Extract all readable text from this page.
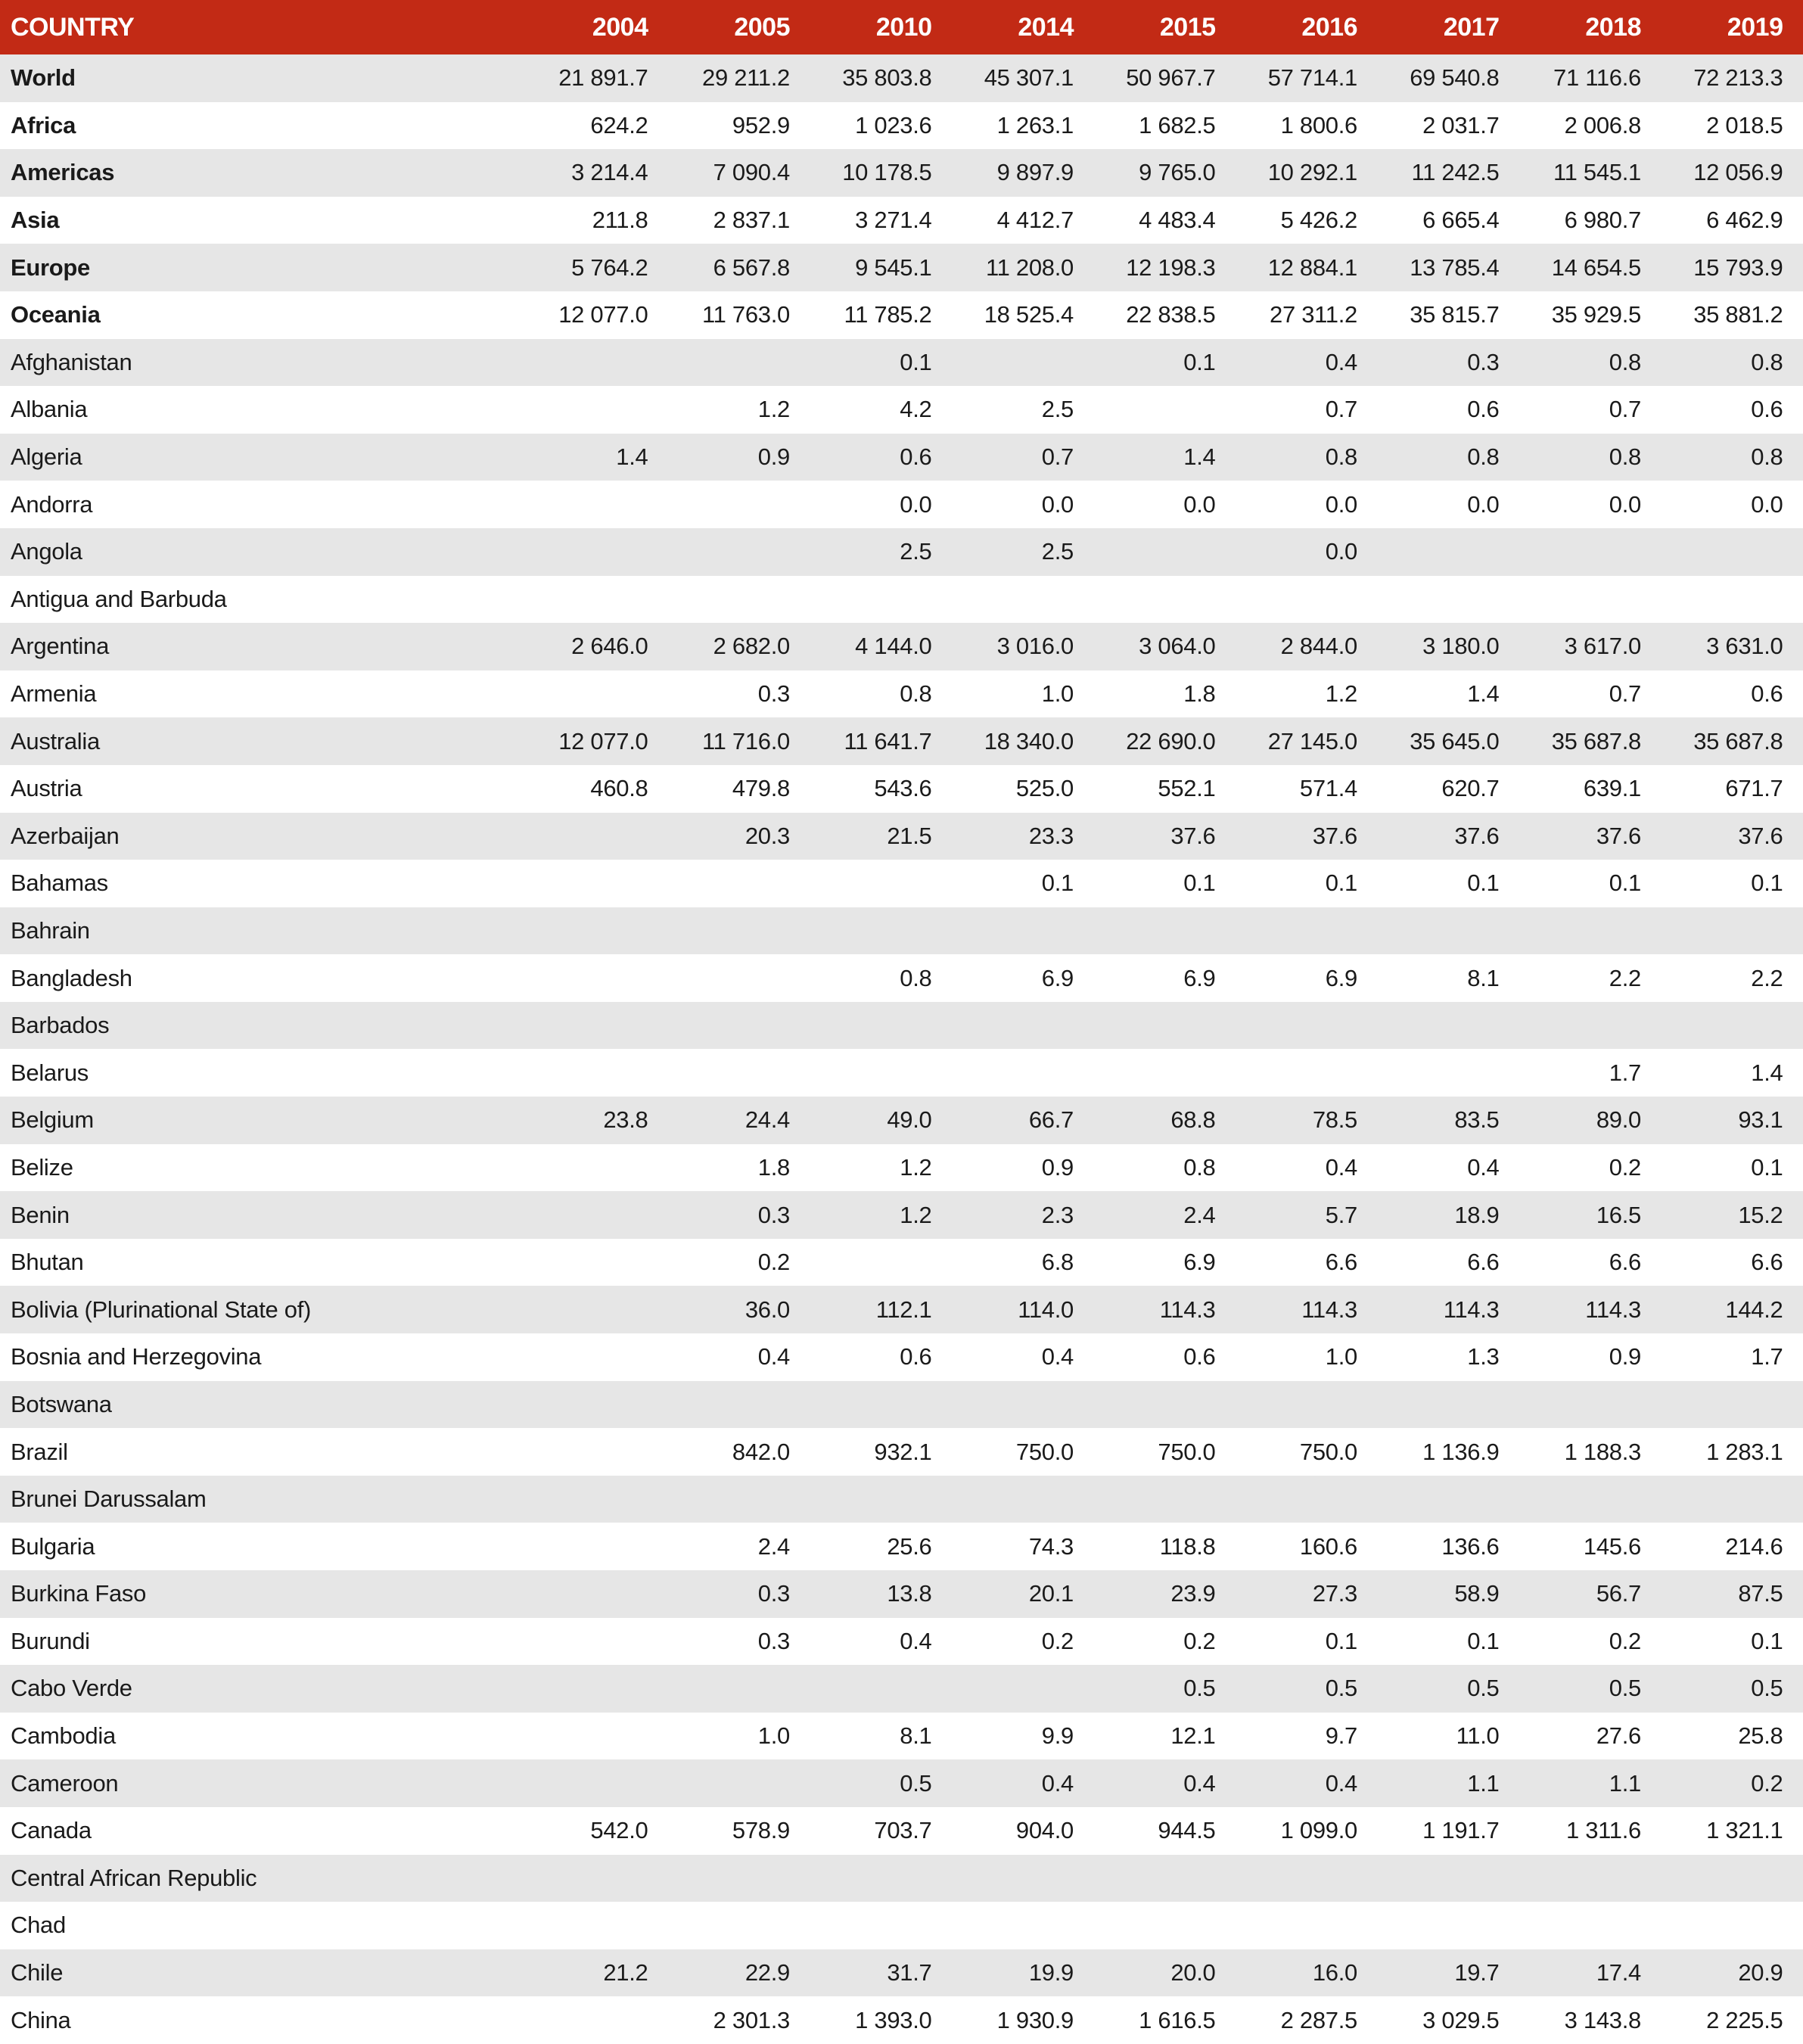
COUNTRY	2004	2005	2010	2014	2015	2016	2017	2018	2019
World	21 891.7	29 211.2	35 803.8	45 307.1	50 967.7	57 714.1	69 540.8	71 116.6	72 213.3
Africa	624.2	952.9	1 023.6	1 263.1	1 682.5	1 800.6	2 031.7	2 006.8	2 018.5
Americas	3 214.4	7 090.4	10 178.5	9 897.9	9 765.0	10 292.1	11 242.5	11 545.1	12 056.9
Asia	211.8	2 837.1	3 271.4	4 412.7	4 483.4	5 426.2	6 665.4	6 980.7	6 462.9
Europe	5 764.2	6 567.8	9 545.1	11 208.0	12 198.3	12 884.1	13 785.4	14 654.5	15 793.9
Oceania	12 077.0	11 763.0	11 785.2	18 525.4	22 838.5	27 311.2	35 815.7	35 929.5	35 881.2
Afghanistan			0.1		0.1	0.4	0.3	0.8	0.8
Albania		1.2	4.2	2.5		0.7	0.6	0.7	0.6
Algeria	1.4	0.9	0.6	0.7	1.4	0.8	0.8	0.8	0.8
Andorra			0.0	0.0	0.0	0.0	0.0	0.0	0.0
Angola			2.5	2.5		0.0			
Antigua and Barbuda									
Argentina	2 646.0	2 682.0	4 144.0	3 016.0	3 064.0	2 844.0	3 180.0	3 617.0	3 631.0
Armenia		0.3	0.8	1.0	1.8	1.2	1.4	0.7	0.6
Australia	12 077.0	11 716.0	11 641.7	18 340.0	22 690.0	27 145.0	35 645.0	35 687.8	35 687.8
Austria	460.8	479.8	543.6	525.0	552.1	571.4	620.7	639.1	671.7
Azerbaijan		20.3	21.5	23.3	37.6	37.6	37.6	37.6	37.6
Bahamas				0.1	0.1	0.1	0.1	0.1	0.1
Bahrain									
Bangladesh			0.8	6.9	6.9	6.9	8.1	2.2	2.2
Barbados									
Belarus								1.7	1.4
Belgium	23.8	24.4	49.0	66.7	68.8	78.5	83.5	89.0	93.1
Belize		1.8	1.2	0.9	0.8	0.4	0.4	0.2	0.1
Benin		0.3	1.2	2.3	2.4	5.7	18.9	16.5	15.2
Bhutan		0.2		6.8	6.9	6.6	6.6	6.6	6.6
Bolivia (Plurinational State of)		36.0	112.1	114.0	114.3	114.3	114.3	114.3	144.2
Bosnia and Herzegovina		0.4	0.6	0.4	0.6	1.0	1.3	0.9	1.7
Botswana									
Brazil		842.0	932.1	750.0	750.0	750.0	1 136.9	1 188.3	1 283.1
Brunei Darussalam									
Bulgaria		2.4	25.6	74.3	118.8	160.6	136.6	145.6	214.6
Burkina Faso		0.3	13.8	20.1	23.9	27.3	58.9	56.7	87.5
Burundi		0.3	0.4	0.2	0.2	0.1	0.1	0.2	0.1
Cabo Verde					0.5	0.5	0.5	0.5	0.5
Cambodia		1.0	8.1	9.9	12.1	9.7	11.0	27.6	25.8
Cameroon			0.5	0.4	0.4	0.4	1.1	1.1	0.2
Canada	542.0	578.9	703.7	904.0	944.5	1 099.0	1 191.7	1 311.6	1 321.1
Central African Republic									
Chad									
Chile	21.2	22.9	31.7	19.9	20.0	16.0	19.7	17.4	20.9
China		2 301.3	1 393.0	1 930.9	1 616.5	2 287.5	3 029.5	3 143.8	2 225.5
